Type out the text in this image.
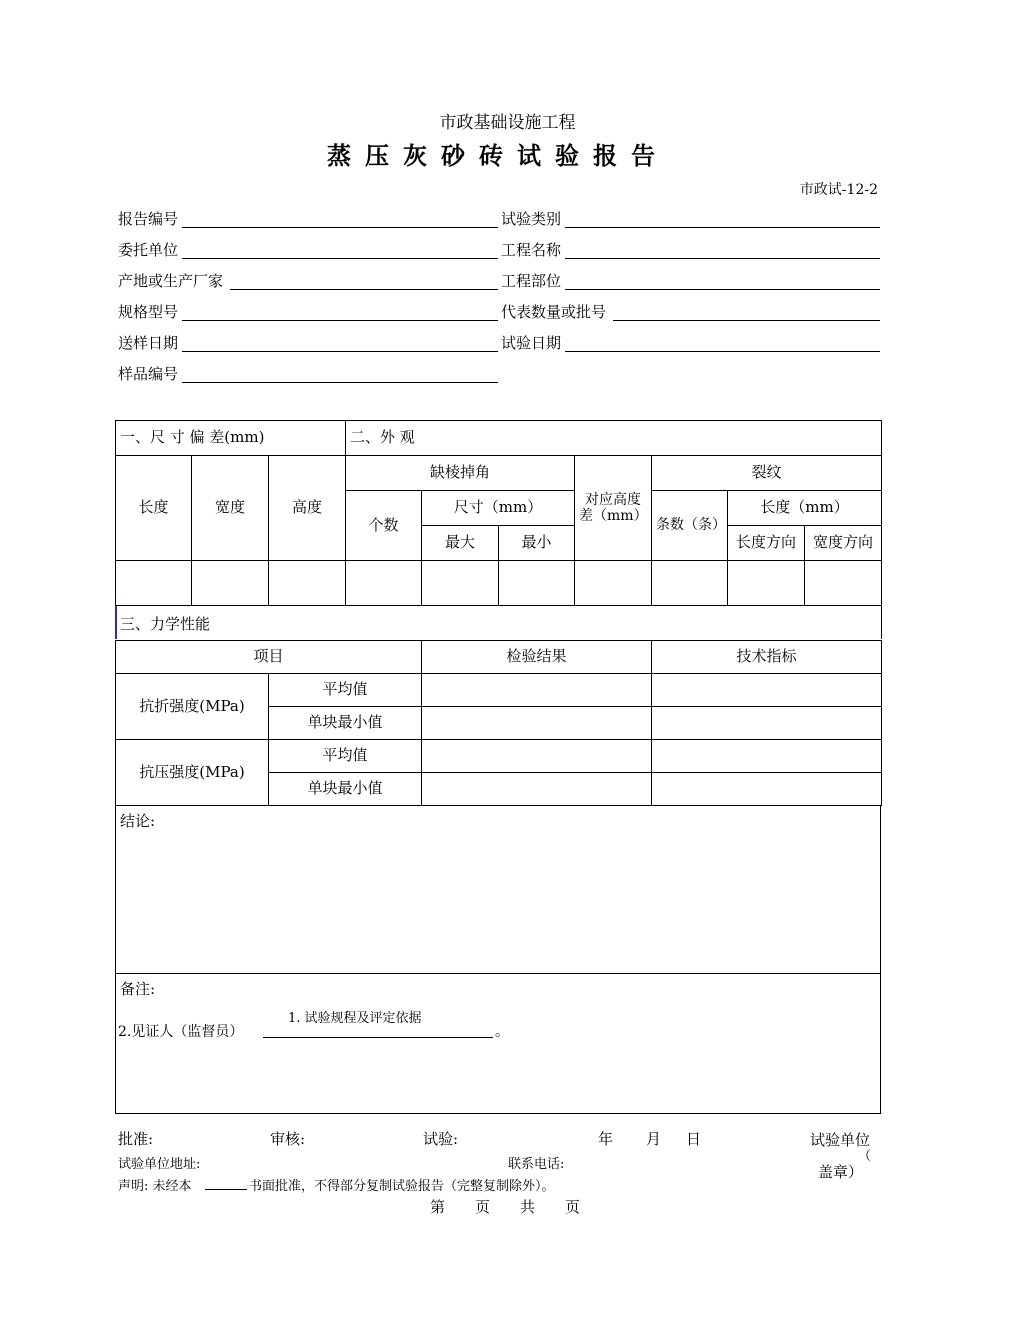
市政基础设施工程
蒸压灰砂砖试验报告
市政试-12-2
报告编号	试验类别
委托单位	工程名称
产地或生产厂家	工程部位
规格型号	代表数量或批号
送样日期	试验日期
样品编号
一、尺 寸 偏 差(mm)			二、外 观						
长度	宽度	高度	缺棱掉角			对应高度差（mm）	裂纹		
			个数	尺寸（mm）			条数（条）	长度（mm）	
				最大	最小			长度方向	宽度方向

三、力学性能
项目		检验结果	技术指标
抗折强度(MPa)	平均值		
	单块最小值		
抗压强度(MPa)	平均值		
	单块最小值		
结论:
备注:
1. 试验规程及评定依据
2.见证人（监督员）	。
批准:	审核:	试验:	年 月 日	试验单位
（
盖章）
试验单位地址:	联系电话:
声明: 未经本	书面批准，不得部分复制试验报告（完整复制除外）。
第　　页　　共　　页
